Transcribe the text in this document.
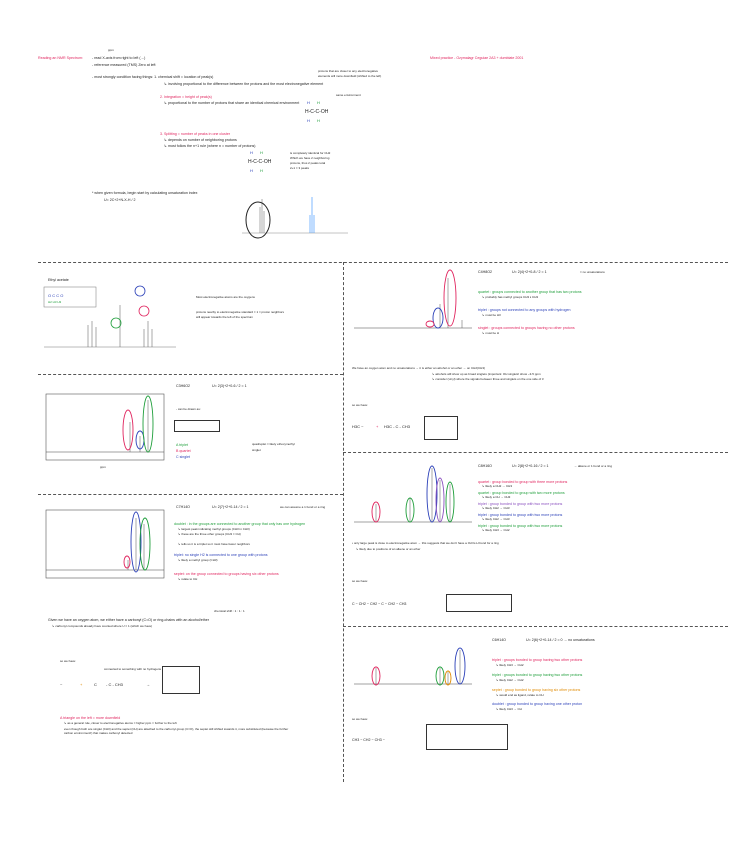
Reading an NMR Spectrum:
ppm
- read X-axis from right to left (→)
- reference measured (TMS) Zero at left
Mixed practice - Ozymalagr Ceguiae 2A3 + dumbiate 2001
- most strongly condition facing things: 1. chemical shift = location of peak(s)
↳ involving proportional to the difference between the protons and the most electronegative element
protons that are closer to any electronegative
elements will more downfield (shifted to the left)
2. Integration = height of peak(s)
↳ proportional to the number of protons that share an identical chemical environment
same environment
H H
H-C-C-OH
H H
3. Splitting = number of peaks in one cluster
↳ depends on number of neighboring protons
↳ most follow the n+1 rule (where n = number of protons)
H H
H-C-C-OH
H H
is completely identical for CH2
Which we have 2 neighboring
protons, thus 2 peaks total
2+1 = 3 peaks
* when given formula, begin start by calculating unsaturation index
U= 2C+2+N-X-H / 2
Ethyl acetate
O C C O
H2 H3 H3
Most electronegative atoms are the oxygens
protons nearby to electronegative standard = 1 = proton neighbors
will appear towards the left of the spectrum
ppm
C3H6O2	U= 2(3)+2+0-6 / 2 = 1
- can be drawn as:
A triplet
B quartet
C singlet
quadruplet = likely ethoxymethyl
singlet
C7H14O	U= 2(7)+2+0-14 / 2 = 1	we can assume a 1 bond or a ring
doublet : in the groups are connected to another group that only has one hydrogen
↳ largest peak indicating methyl groups (CH3 in CH3)
↳ these are the three other groups (CH3 = CH)
↳ tells us it is a triplet so it must have fewer neighbors
triplet: no single H2 is connected to one group with protons
↳ likely a methyl group (CH3)
septet: on the group connected to groups having six other protons
↳ relate to CH
chemical shift : 1 : 1 : 1
Given we have an oxygen atom, we either have a carbonyl (C=O) or ring-chains with an alcohol/ether
↳ carbonyl compounds already have counted where U = 1 (which we have)
so we have:
connected to something with no hydrogens
~	+	C - C - CH3	→
A triangle on the left = more downfield
↳ as a general rule, closer to electronegative atoms = higher ppm = further to the left
even though both are singlet (CH3) and the septet (CH) are attached to the carbonyl group (C=O), the septet still shifted towards it, more substituted (because the further carbon environment!) that makes carbonyl detected
C4H8O2	U= 2(4)+2+0-8 / 2 = 1	= no unsaturations
quartet : groups connected to another group that has two protons
↳ probably has methyl groups CH3 ε CH3
triplet : groups not connected to any groups with hydrogen
↳ must be H3
singlet : groups connected to groups having no other protons
↳ must be H
We have an oxygen atom and no unsaturations → it is either an alcohol or an ether → on CH2(CH3)
↳ alcohols will show up as broad singlets (important: OH singlets! show ~3-5 ppm
↳ consider (vinyl) where the signals between three and singlets on the one side of 3
so we have:
H3C ~	+ H3C - C - CH3
C8H16O	U= 2(8)+2+0-16 / 2 = 1	→ alkene or 1 bond or a ring
quartet : group bonded to group with three more protons
↳ likely a CH2 → CH3
quartet : group bonded to group with two more protons
↳ likely a CH → CH3
triplet : group bonded to group with two more protons
↳ likely CH2 → CH3
triplet : group bonded to group with two more protons
↳ likely CH2 → CH3
triplet : group bonded to group with two more protons
↳ likely CH3 → CH2
• only large peak is close to electronegative atom → this suggests that we don't have a OxOx-H bond for a ring
↳ likely due to positions of an alkene or an ether
so we have:
C ~ CH2 ~ CH2 ~ C ~ CH2 ~ CH3
C6H14O	U= 2(6)+2+0-14 / 2 = 0 → no unsaturations
triplet : groups bonded to group having two other protons
↳ likely CH3 → CH2
triplet : groups bonded to group having two other protons
↳ likely CH2 → CH2
septet : group bonded to group having six other protons
↳ would end as ligand, relate to CH
doublet : group bonded to group having one other proton
↳ likely CH3 → CH
so we have:
CH3 ~ CH2 ~ CH3 ~
